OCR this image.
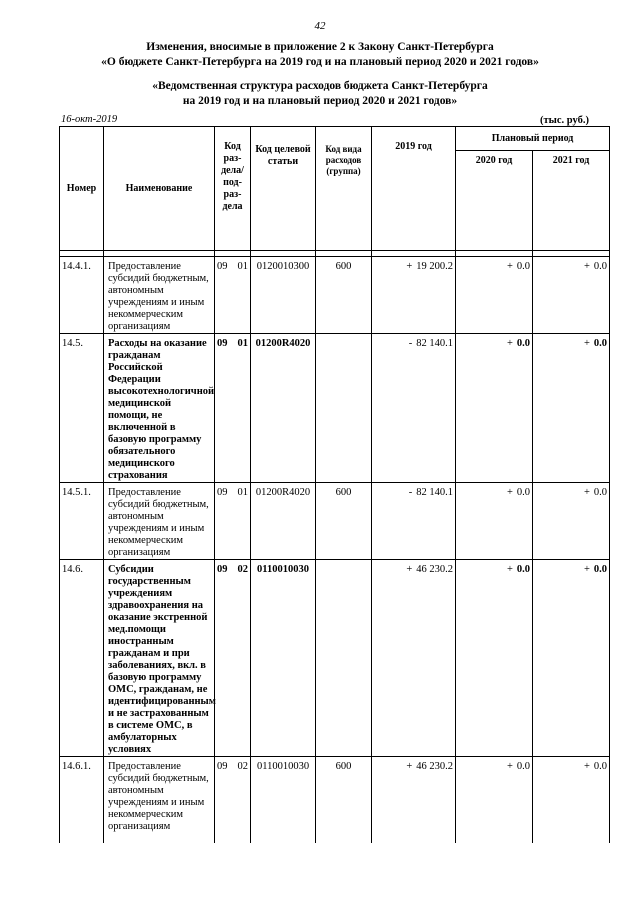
42
Изменения, вносимые в приложение 2 к Закону Санкт-Петербурга
«О бюджете Санкт-Петербурга на 2019 год и на плановый период 2020 и 2021 годов»
«Ведомственная структура расходов бюджета Санкт-Петербурга
на 2019 год и на плановый период 2020 и 2021 годов»
16-окт-2019	(тыс. руб.)
Номер	Наименование	Код раз- дела/ под- раз- дела		Код целевой статьи	Код вида расходов (группа)	2019 год	Плановый период	
							2020 год	2021 год

14.4.1.	Предоставление субсидий бюджетным, автономным учреждениям и иным некоммерческим организациям	09	01	0120010300	600	+ 19 200.2	+ 0.0	+ 0.0
14.5.	Расходы на оказание гражданам Российской Федерации высокотехнологичной медицинской помощи, не включенной в базовую программу обязательного медицинского страхования	09	01	01200R4020		- 82 140.1	+ 0.0	+ 0.0
14.5.1.	Предоставление субсидий бюджетным, автономным учреждениям и иным некоммерческим организациям	09	01	01200R4020	600	- 82 140.1	+ 0.0	+ 0.0
14.6.	Субсидии государственным учреждениям здравоохранения на оказание экстренной мед.помощи иностранным гражданам и при заболеваниях, вкл. в базовую программу ОМС, гражданам, не идентифицированным и не застрахованным в системе ОМС, в амбулаторных условиях	09	02	0110010030		+ 46 230.2	+ 0.0	+ 0.0
14.6.1.	Предоставление субсидий бюджетным, автономным учреждениям и иным некоммерческим организациям	09	02	0110010030	600	+ 46 230.2	+ 0.0	+ 0.0
